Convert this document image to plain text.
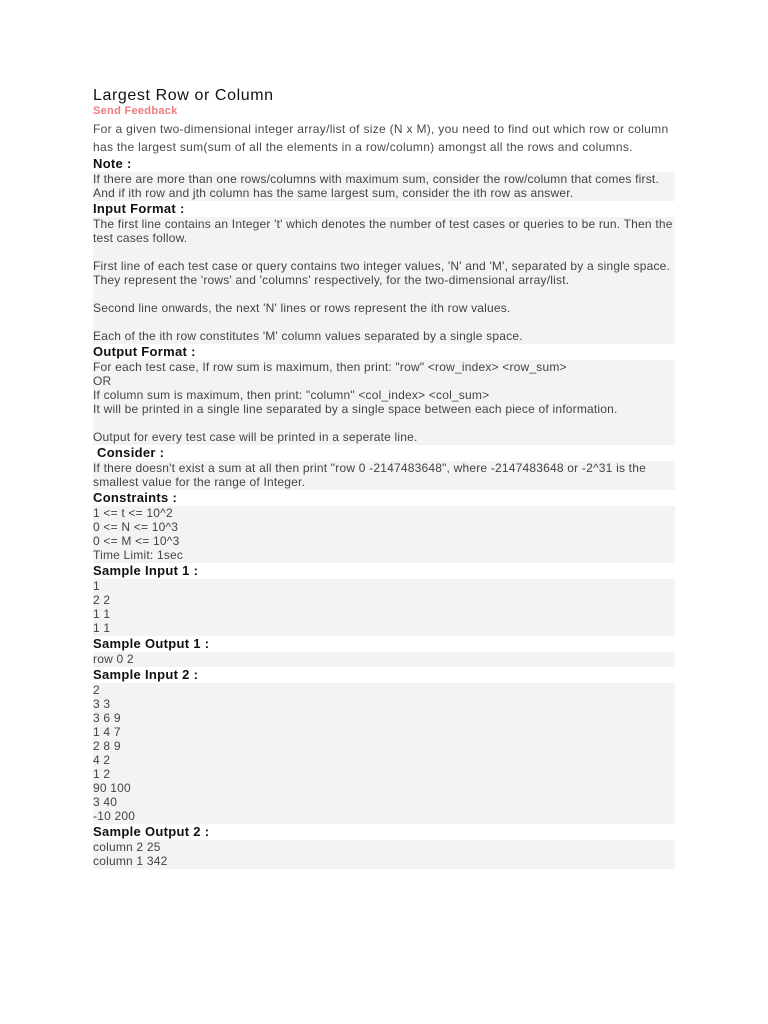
Largest Row or Column
Send Feedback
For a given two-dimensional integer array/list of size (N x M), you need to find out which row or column has the largest sum(sum of all the elements in a row/column) amongst all the rows and columns.
Note :
If there are more than one rows/columns with maximum sum, consider the row/column that comes first. And if ith row and jth column has the same largest sum, consider the ith row as answer.
Input Format :
The first line contains an Integer 't' which denotes the number of test cases or queries to be run. Then the test cases follow.
First line of each test case or query contains two integer values, 'N' and 'M', separated by a single space. They represent the 'rows' and 'columns' respectively, for the two-dimensional array/list.
Second line onwards, the next 'N' lines or rows represent the ith row values.
Each of the ith row constitutes 'M' column values separated by a single space.
Output Format :
For each test case, If row sum is maximum, then print: "row" <row_index> <row_sum>
OR
If column sum is maximum, then print: "column" <col_index> <col_sum>
It will be printed in a single line separated by a single space between each piece of information.
Output for every test case will be printed in a seperate line.
Consider :
If there doesn't exist a sum at all then print "row 0 -2147483648", where -2147483648 or -2^31 is the smallest value for the range of Integer.
Constraints :
1 <= t <= 10^2
0 <= N <= 10^3
0 <= M <= 10^3
Time Limit: 1sec
Sample Input 1 :
1
2 2
1 1
1 1
Sample Output 1 :
row 0 2
Sample Input 2 :
2
3 3
3 6 9
1 4 7
2 8 9
4 2
1 2
90 100
3 40
-10 200
Sample Output 2 :
column 2 25
column 1 342
